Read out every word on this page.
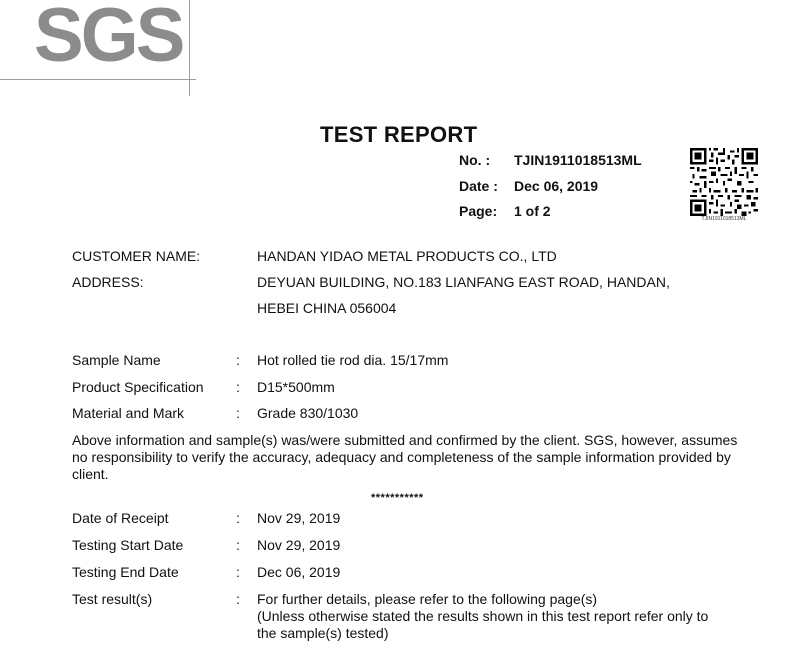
SGS
TEST REPORT
No. : TJIN1911018513ML
Date : Dec 06, 2019
Page: 1 of 2	TJIN1911018513ML
CUSTOMER NAME:	HANDAN YIDAO METAL PRODUCTS CO., LTD
ADDRESS:	DEYUAN BUILDING, NO.183 LIANFANG EAST ROAD, HANDAN,
HEBEI CHINA 056004
Sample Name	: Hot rolled tie rod dia. 15/17mm
Product Specification : D15*500mm
Material and Mark	: Grade 830/1030
Above information and sample(s) was/were submitted and confirmed by the client. SGS, however, assumes no responsibility to verify the accuracy, adequacy and completeness of the sample information provided by client.
***********
Date of Receipt	: Nov 29, 2019
Testing Start Date	: Nov 29, 2019
Testing End Date	: Dec 06, 2019
Test result(s)	: For further details, please refer to the following page(s)
(Unless otherwise stated the results shown in this test report refer only to
the sample(s) tested)
